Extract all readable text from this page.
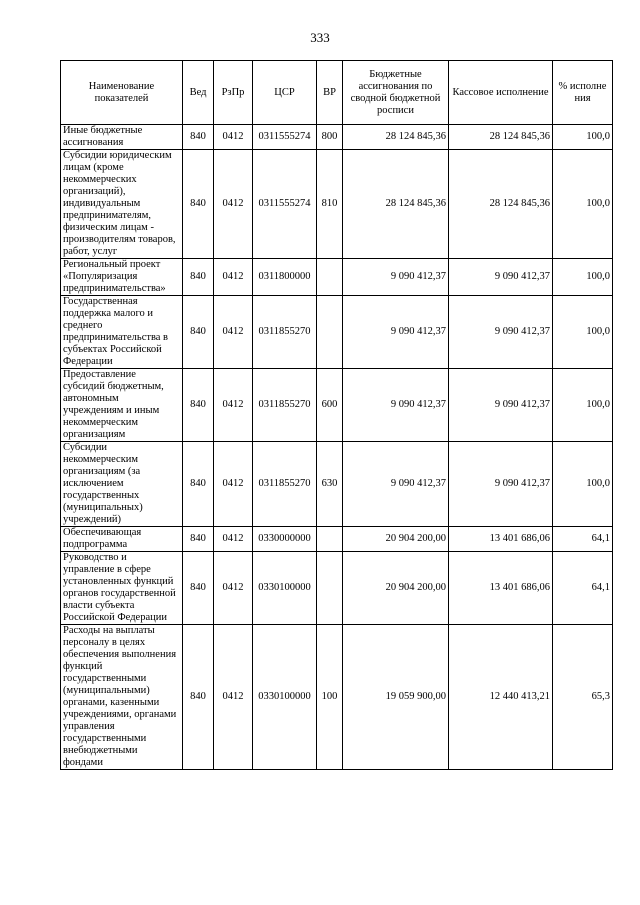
333
Наименование показателей	Вед	РзПр	ЦСР	ВР	Бюджетные ассигнования по сводной бюджетной росписи	Кассовое исполнение	% исполне ния
Иные бюджетные ассигнования	840	0412	0311555274	800	28 124 845,36	28 124 845,36	100,0
Субсидии юридическим лицам (кроме некоммерческих организаций), индивидуальным предпринимателям, физическим лицам - производителям товаров, работ, услуг	840	0412	0311555274	810	28 124 845,36	28 124 845,36	100,0
Региональный проект «Популяризация предпринимательства»	840	0412	0311800000		9 090 412,37	9 090 412,37	100,0
Государственная поддержка малого и среднего предпринимательства в субъектах Российской Федерации	840	0412	0311855270		9 090 412,37	9 090 412,37	100,0
Предоставление субсидий бюджетным, автономным учреждениям и иным некоммерческим организациям	840	0412	0311855270	600	9 090 412,37	9 090 412,37	100,0
Субсидии некоммерческим организациям (за исключением государственных (муниципальных) учреждений)	840	0412	0311855270	630	9 090 412,37	9 090 412,37	100,0
Обеспечивающая подпрограмма	840	0412	0330000000		20 904 200,00	13 401 686,06	64,1
Руководство и управление в сфере установленных функций органов государственной власти субъекта Российской Федерации	840	0412	0330100000		20 904 200,00	13 401 686,06	64,1
Расходы на выплаты персоналу в целях обеспечения выполнения функций государственными (муниципальными) органами, казенными учреждениями, органами управления государственными внебюджетными фондами	840	0412	0330100000	100	19 059 900,00	12 440 413,21	65,3
